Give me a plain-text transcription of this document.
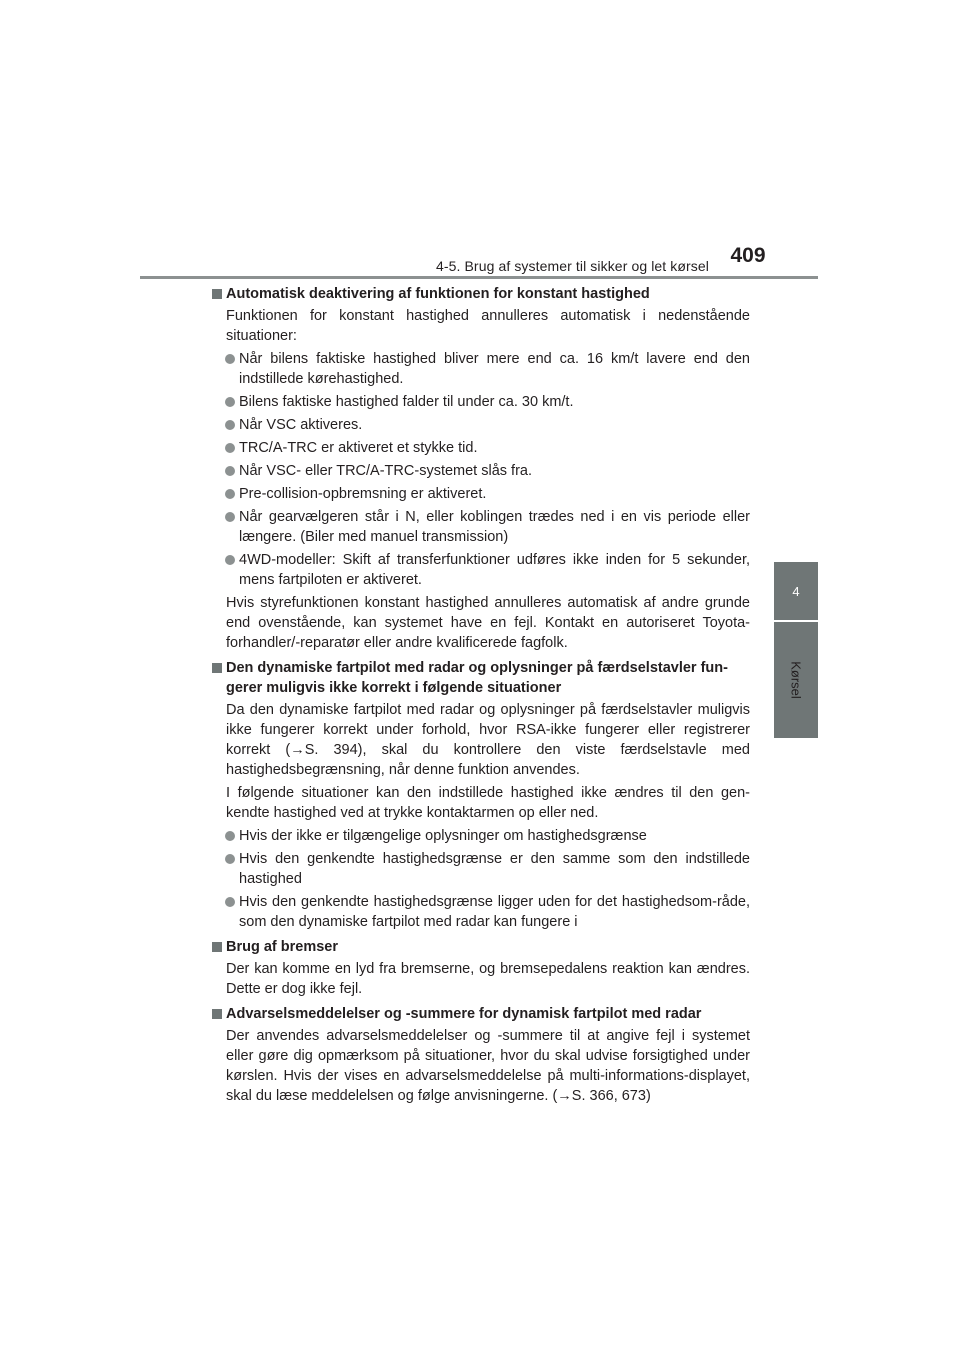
4-5. Brug af systemer til sikker og let kørsel	409
4
Kørsel
Automatisk deaktivering af funktionen for konstant hastighed
Funktionen for konstant hastighed annulleres automatisk i nedenstående situationer:
Når bilens faktiske hastighed bliver mere end ca. 16 km/t lavere end den indstillede kørehastighed.
Bilens faktiske hastighed falder til under ca. 30 km/t.
Når VSC aktiveres.
TRC/A-TRC er aktiveret et stykke tid.
Når VSC- eller TRC/A-TRC-systemet slås fra.
Pre-collision-opbremsning er aktiveret.
Når gearvælgeren står i N, eller koblingen trædes ned i en vis periode eller længere. (Biler med manuel transmission)
4WD-modeller: Skift af transferfunktioner udføres ikke inden for 5 sekunder, mens fartpiloten er aktiveret.
Hvis styrefunktionen konstant hastighed annulleres automatisk af andre grunde end ovenstående, kan systemet have en fejl. Kontakt en autoriseret Toyota-forhandler/-reparatør eller andre kvalificerede fagfolk.
Den dynamiske fartpilot med radar og oplysninger på færdselstavler fun-gerer muligvis ikke korrekt i følgende situationer
Da den dynamiske fartpilot med radar og oplysninger på færdselstavler muligvis ikke fungerer korrekt under forhold, hvor RSA-ikke fungerer eller registrerer korrekt (→S. 394), skal du kontrollere den viste færdselstavle med hastighedsbegrænsning, når denne funktion anvendes.
I følgende situationer kan den indstillede hastighed ikke ændres til den gen-kendte hastighed ved at trykke kontaktarmen op eller ned.
Hvis der ikke er tilgængelige oplysninger om hastighedsgrænse
Hvis den genkendte hastighedsgrænse er den samme som den indstillede hastighed
Hvis den genkendte hastighedsgrænse ligger uden for det hastighedsom-råde, som den dynamiske fartpilot med radar kan fungere i
Brug af bremser
Der kan komme en lyd fra bremserne, og bremsepedalens reaktion kan ændres. Dette er dog ikke fejl.
Advarselsmeddelelser og -summere for dynamisk fartpilot med radar
Der anvendes advarselsmeddelelser og -summere til at angive fejl i systemet eller gøre dig opmærksom på situationer, hvor du skal udvise forsigtighed under kørslen. Hvis der vises en advarselsmeddelelse på multi-informations-displayet, skal du læse meddelelsen og følge anvisningerne. (→S. 366, 673)
